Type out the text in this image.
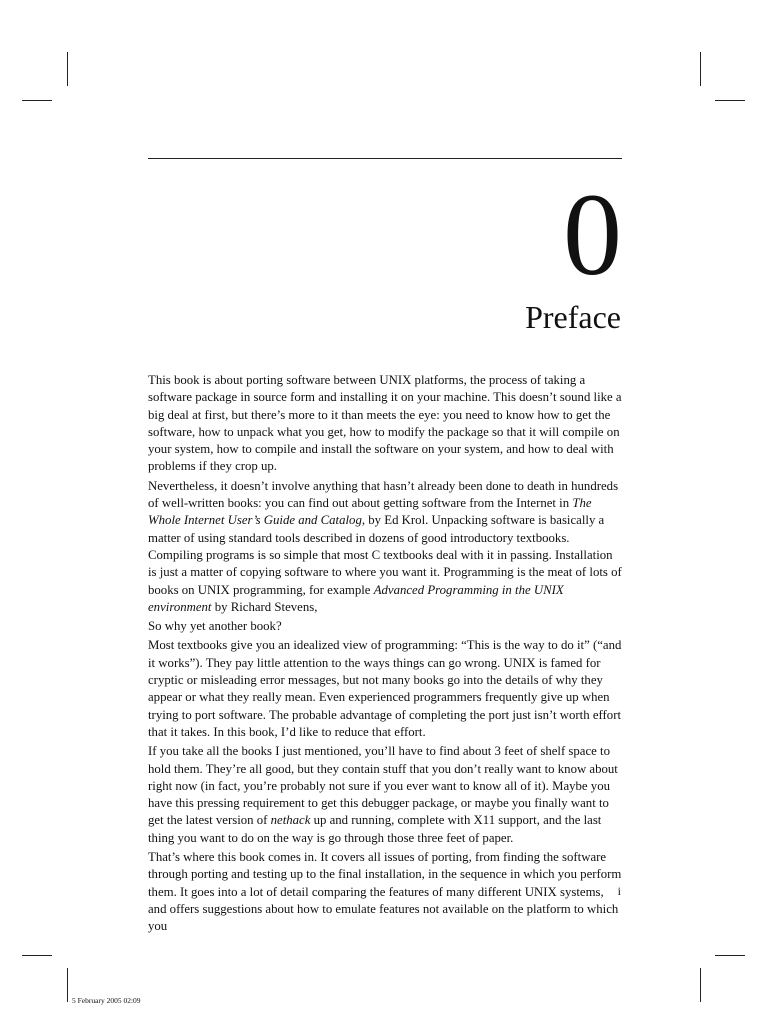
0
Preface

This book is about porting software between UNIX platforms, the process of taking a software package in source form and installing it on your machine. This doesn’t sound like a big deal at first, but there’s more to it than meets the eye: you need to know how to get the software, how to unpack what you get, how to modify the package so that it will compile on your system, how to compile and install the software on your system, and how to deal with problems if they crop up.

Nevertheless, it doesn’t involve anything that hasn’t already been done to death in hundreds of well-written books: you can find out about getting software from the Internet in The Whole Internet User’s Guide and Catalog, by Ed Krol. Unpacking software is basically a matter of using standard tools described in dozens of good introductory textbooks. Compiling programs is so simple that most C textbooks deal with it in passing. Installation is just a matter of copying software to where you want it. Programming is the meat of lots of books on UNIX programming, for example Advanced Programming in the UNIX environment by Richard Stevens,

So why yet another book?

Most textbooks give you an idealized view of programming: “This is the way to do it” (“and it works”). They pay little attention to the ways things can go wrong. UNIX is famed for cryptic or misleading error messages, but not many books go into the details of why they appear or what they really mean. Even experienced programmers frequently give up when trying to port software. The probable advantage of completing the port just isn’t worth effort that it takes. In this book, I’d like to reduce that effort.

If you take all the books I just mentioned, you’ll have to find about 3 feet of shelf space to hold them. They’re all good, but they contain stuff that you don’t really want to know about right now (in fact, you’re probably not sure if you ever want to know all of it). Maybe you have this pressing requirement to get this debugger package, or maybe you finally want to get the latest version of nethack up and running, complete with X11 support, and the last thing you want to do on the way is go through those three feet of paper.

That’s where this book comes in. It covers all issues of porting, from finding the software through porting and testing up to the final installation, in the sequence in which you perform them. It goes into a lot of detail comparing the features of many different UNIX systems, and offers suggestions about how to emulate features not available on the platform to which you

i
5 February 2005 02:09
